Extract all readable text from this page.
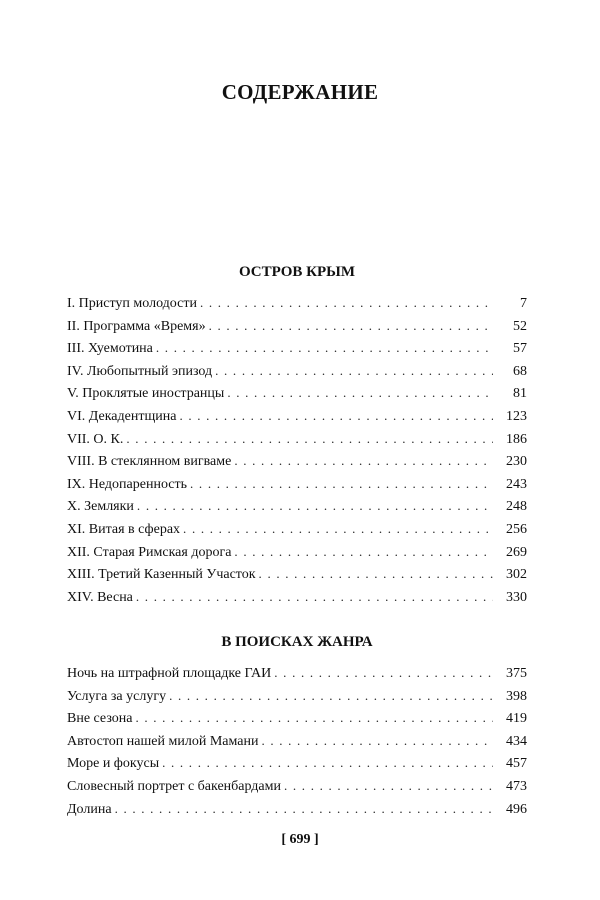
СОДЕРЖАНИЕ
ОСТРОВ КРЫМ
I. Приступ молодости . . .	7
II. Программа «Время» . . .	52
III. Хуемотина . . .	57
IV. Любопытный эпизод . . .	68
V. Проклятые иностранцы . . .	81
VI. Декадентщина . . .	123
VII. О. К. . . .	186
VIII. В стеклянном вигваме . . .	230
IX. Недопаренность . . .	243
X. Земляки . . .	248
XI. Витая в сферах . . .	256
XII. Старая Римская дорога . . .	269
XIII. Третий Казенный Участок . . .	302
XIV. Весна . . .	330
В ПОИСКАХ ЖАНРА
Ночь на штрафной площадке ГАИ . . .	375
Услуга за услугу . . .	398
Вне сезона . . .	419
Автостоп нашей милой Мамани . . .	434
Море и фокусы . . .	457
Словесный портрет с бакенбардами . . .	473
Долина . . .	496
[ 699 ]
